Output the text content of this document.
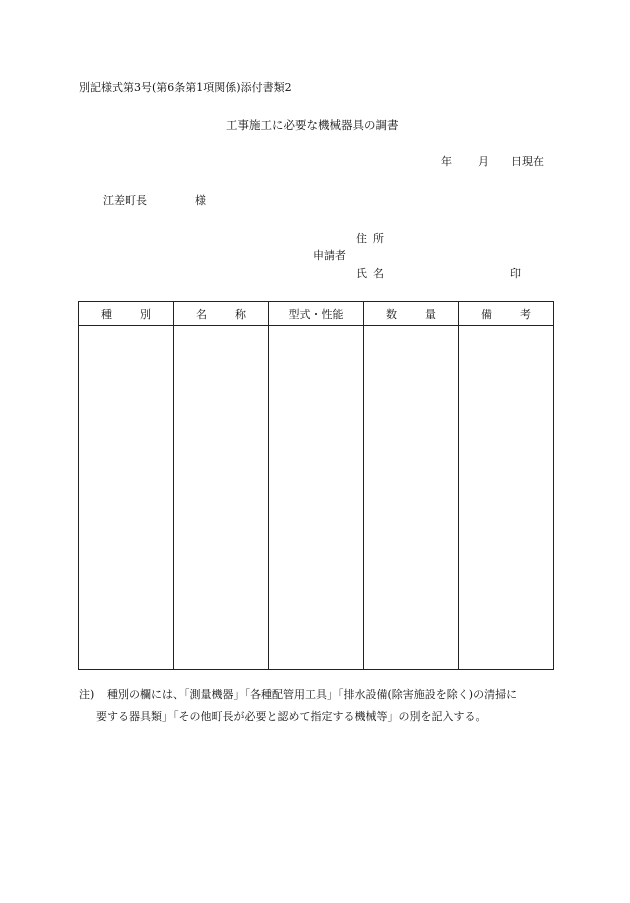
別記様式第3号(第6条第1項関係)添付書類2
工事施工に必要な機械器具の調書
年 月 日現在
江差町長	様
住所
申請者
氏名	印
種 別	名 称	型式・性能	数 量	備 考

注) 種別の欄には、「測量機器」「各種配管用工具」「排水設備(除害施設を除く)の清掃に
要する器具類」「その他町長が必要と認めて指定する機械等」の別を記入する。
